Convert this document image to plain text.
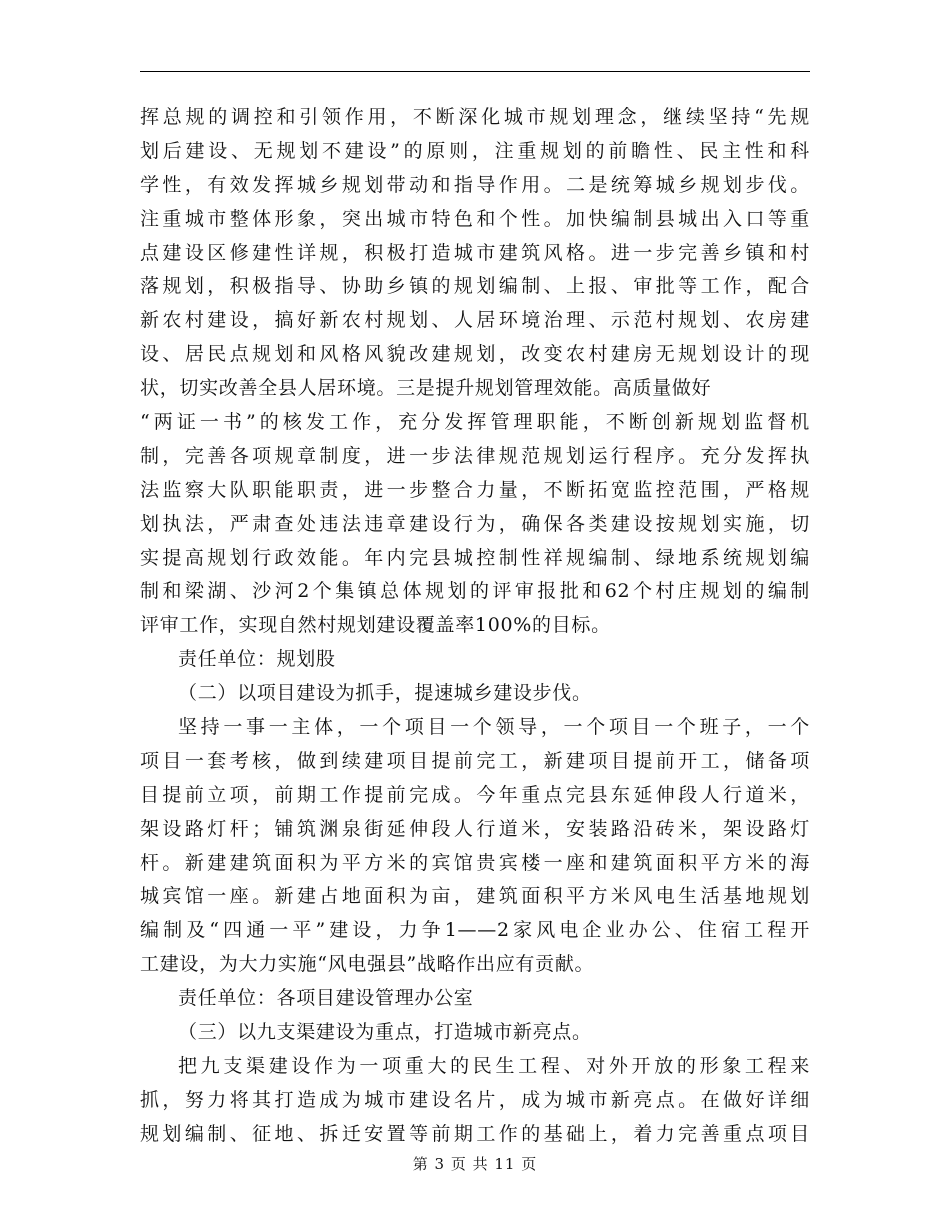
挥总规的调控和引领作用，不断深化城市规划理念，继续坚持“先规
划后建设、无规划不建设”的原则，注重规划的前瞻性、民主性和科
学性，有效发挥城乡规划带动和指导作用。二是统筹城乡规划步伐。
注重城市整体形象，突出城市特色和个性。加快编制县城出入口等重
点建设区修建性详规，积极打造城市建筑风格。进一步完善乡镇和村
落规划，积极指导、协助乡镇的规划编制、上报、审批等工作，配合
新农村建设，搞好新农村规划、人居环境治理、示范村规划、农房建
设、居民点规划和风格风貌改建规划，改变农村建房无规划设计的现
状，切实改善全县人居环境。三是提升规划管理效能。高质量做好
“两证一书”的核发工作，充分发挥管理职能，不断创新规划监督机
制，完善各项规章制度，进一步法律规范规划运行程序。充分发挥执
法监察大队职能职责，进一步整合力量，不断拓宽监控范围，严格规
划执法，严肃查处违法违章建设行为，确保各类建设按规划实施，切
实提高规划行政效能。年内完县城控制性祥规编制、绿地系统规划编
制和梁湖、沙河2个集镇总体规划的评审报批和62个村庄规划的编制
评审工作，实现自然村规划建设覆盖率100%的目标。
责任单位：规划股
（二）以项目建设为抓手，提速城乡建设步伐。
坚持一事一主体，一个项目一个领导，一个项目一个班子，一个
项目一套考核，做到续建项目提前完工，新建项目提前开工，储备项
目提前立项，前期工作提前完成。今年重点完县东延伸段人行道米，
架设路灯杆；铺筑渊泉街延伸段人行道米，安装路沿砖米，架设路灯
杆。新建建筑面积为平方米的宾馆贵宾楼一座和建筑面积平方米的海
城宾馆一座。新建占地面积为亩，建筑面积平方米风电生活基地规划
编制及“四通一平”建设，力争1——2家风电企业办公、住宿工程开
工建设，为大力实施“风电强县”战略作出应有贡献。
责任单位：各项目建设管理办公室
（三）以九支渠建设为重点，打造城市新亮点。
把九支渠建设作为一项重大的民生工程、对外开放的形象工程来
抓，努力将其打造成为城市建设名片，成为城市新亮点。在做好详细
规划编制、征地、拆迁安置等前期工作的基础上，着力完善重点项目
第 3 页 共 11 页
